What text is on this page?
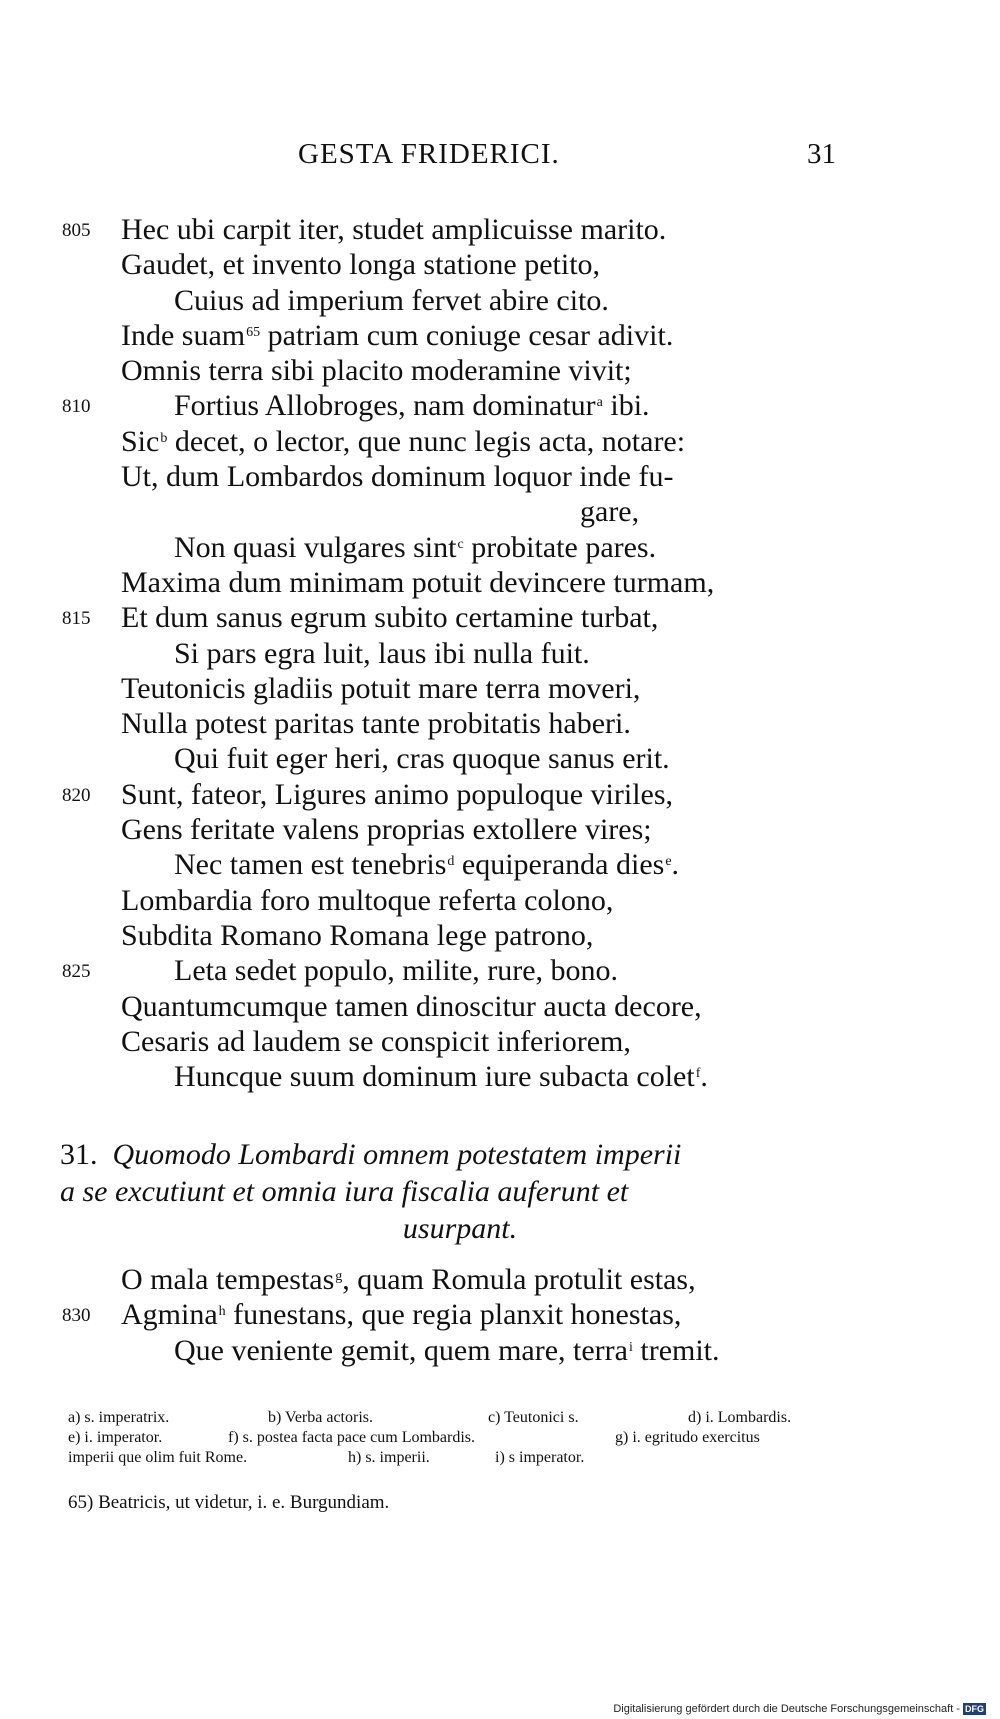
GESTA FRIDERICI.	31
805 Hec ubi carpit iter, studet amplicuisse marito.
Gaudet, et invento longa statione petito,
Cuius ad imperium fervet abire cito.
Inde suam$^{65}$ patriam cum coniuge cesar adivit.
Omnis terra sibi placito moderamine vivit;
810	Fortius Allobroges, nam dominatur$^a$ ibi.
Sic$^b$ decet, o lector, que nunc legis acta, notare:
Ut, dum Lombardos dominum loquor inde fu-
gare,
Non quasi vulgares sint$^c$ probitate pares.
Maxima dum minimam potuit devincere turmam,
815 Et dum sanus egrum subito certamine turbat,
Si pars egra luit, laus ibi nulla fuit.
Teutonicis gladiis potuit mare terra moveri,
Nulla potest paritas tante probitatis haberi.
Qui fuit eger heri, cras quoque sanus erit.
820 Sunt, fateor, Ligures animo populoque viriles,
Gens feritate valens proprias extollere vires;
Nec tamen est tenebris$^d$ equiperanda dies$^e$.
Lombardia foro multoque referta colono,
Subdita Romano Romana lege patrono,
825	Leta sedet populo, milite, rure, bono.
Quantumcumque tamen dinoscitur aucta decore,
Cesaris ad laudem se conspicit inferiorem,
Huncque suum dominum iure subacta colet$^f$.
31. Quomodo Lombardi omnem potestatem imperii
a se excutiunt et omnia iura fiscalia auferunt et
usurpant.
O mala tempestas$^g$, quam Romula protulit estas,
830 Agmina$^h$ funestans, que regia planxit honestas,
Que veniente gemit, quem mare, terra$^i$ tremit.
a) s. imperatrix.	b) Verba actoris.	c) Teutonici s.	d) i. Lombardis.
e) i. imperator.	f) s. postea facta pace cum Lombardis.	g) i. egritudo exercitus
imperii que olim fuit Rome.	h) s. imperii.	i) s imperator.
65) Beatricis, ut videtur, i. e. Burgundiam.
Digitalisierung gefördert durch die Deutsche Forschungsgemeinschaft - DFG
